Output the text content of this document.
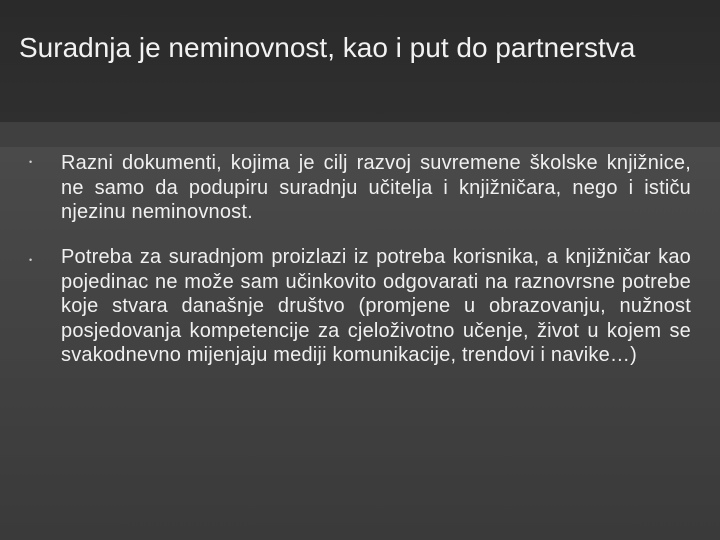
Suradnja je neminovnost, kao i put do partnerstva
• Razni dokumenti, kojima je cilj razvoj suvremene školske knjižnice, ne samo da podupiru suradnju učitelja i knjižničara, nego i ističu njezinu neminovnost.
• Potreba za suradnjom proizlazi iz potreba korisnika, a knjižničar kao pojedinac ne može sam učinkovito odgovarati na raznovrsne potrebe koje stvara današnje društvo (promjene u obrazovanju, nužnost posjedovanja kompetencije za cjeloživotno učenje, život u kojem se svakodnevno mijenjaju mediji komunikacije, trendovi i navike…)
